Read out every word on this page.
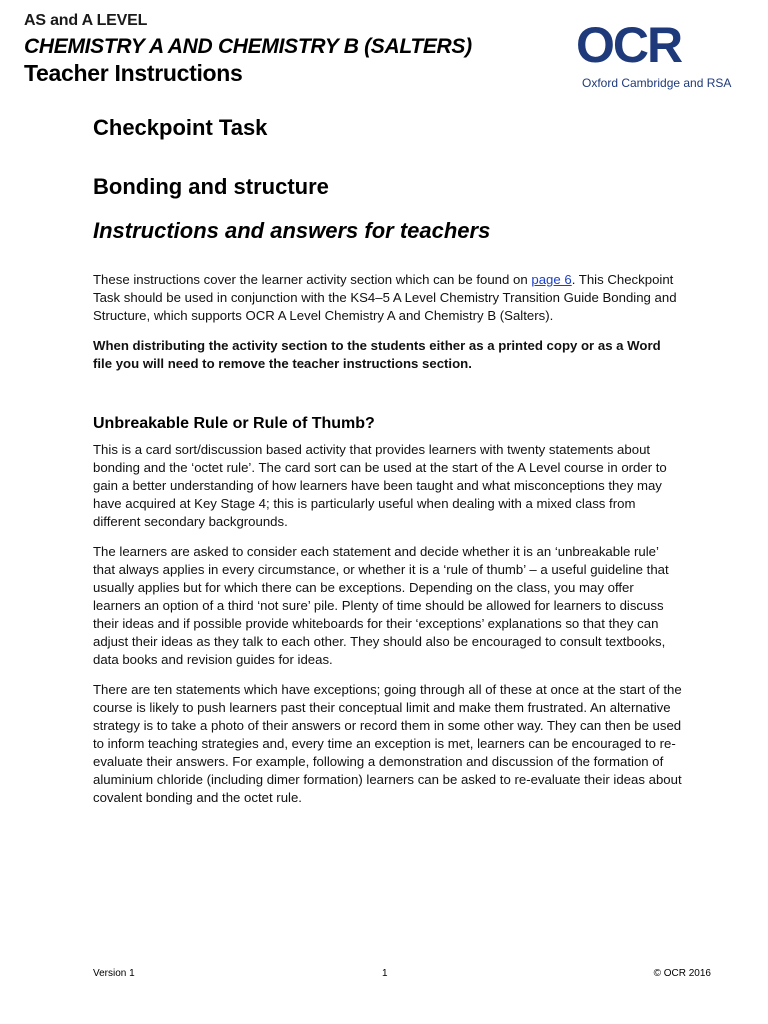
AS and A LEVEL
CHEMISTRY A AND CHEMISTRY B (SALTERS)
Teacher Instructions	OCR
Oxford Cambridge and RSA
Checkpoint Task
Bonding and structure
Instructions and answers for teachers

These instructions cover the learner activity section which can be found on page 6. This Checkpoint Task should be used in conjunction with the KS4–5 A Level Chemistry Transition Guide Bonding and Structure, which supports OCR A Level Chemistry A and Chemistry B (Salters).

When distributing the activity section to the students either as a printed copy or as a Word file you will need to remove the teacher instructions section.

Unbreakable Rule or Rule of Thumb?

This is a card sort/discussion based activity that provides learners with twenty statements about bonding and the ‘octet rule’. The card sort can be used at the start of the A Level course in order to gain a better understanding of how learners have been taught and what misconceptions they may have acquired at Key Stage 4; this is particularly useful when dealing with a mixed class from different secondary backgrounds.

The learners are asked to consider each statement and decide whether it is an ‘unbreakable rule’ that always applies in every circumstance, or whether it is a ‘rule of thumb’ – a useful guideline that usually applies but for which there can be exceptions. Depending on the class, you may offer learners an option of a third ‘not sure’ pile. Plenty of time should be allowed for learners to discuss their ideas and if possible provide whiteboards for their ‘exceptions’ explanations so that they can adjust their ideas as they talk to each other. They should also be encouraged to consult textbooks, data books and revision guides for ideas.

There are ten statements which have exceptions; going through all of these at once at the start of the course is likely to push learners past their conceptual limit and make them frustrated. An alternative strategy is to take a photo of their answers or record them in some other way. They can then be used to inform teaching strategies and, every time an exception is met, learners can be encouraged to re-evaluate their answers. For example, following a demonstration and discussion of the formation of aluminium chloride (including dimer formation) learners can be asked to re-evaluate their ideas about covalent bonding and the octet rule.

Version 1	1	© OCR 2016
